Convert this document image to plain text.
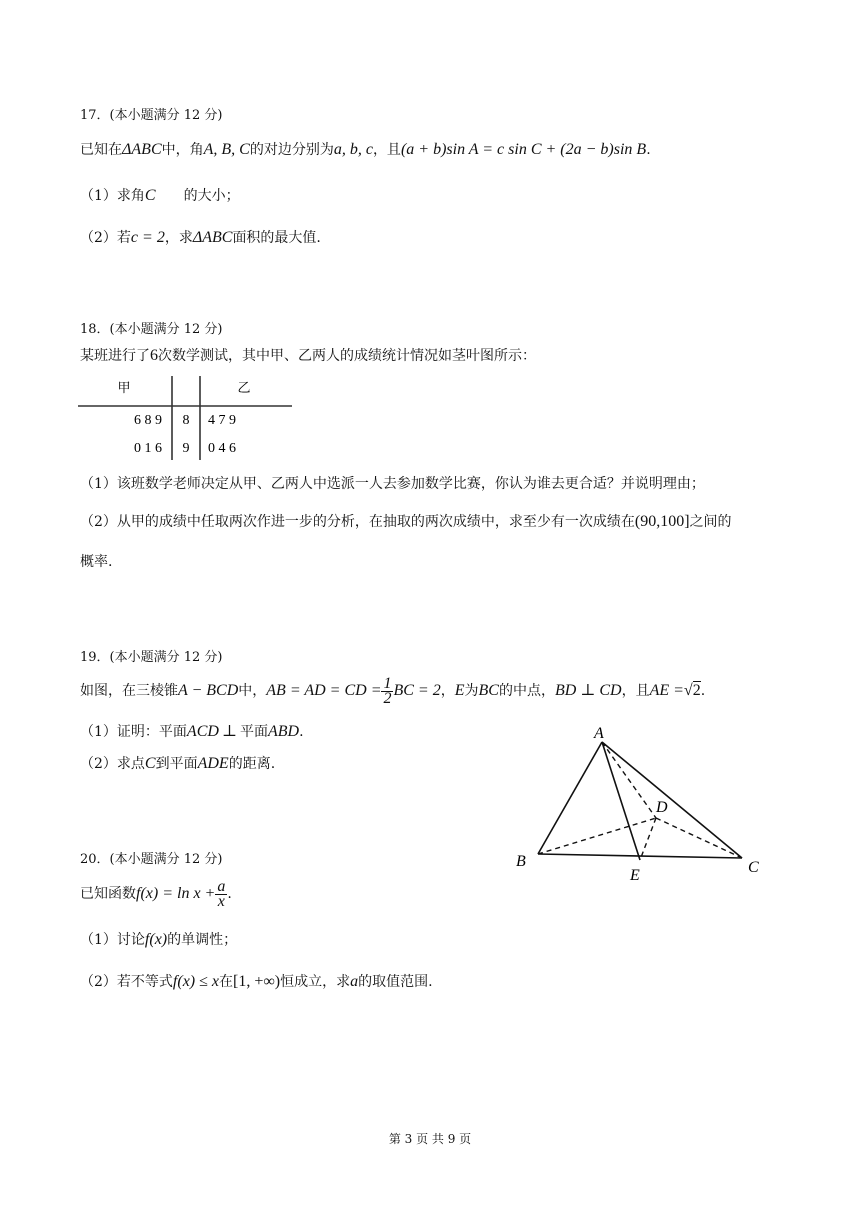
17．(本小题满分 12 分)
已知在ΔABC中，角A, B, C的对边分别为a, b, c，且(a + b)sin A = c sin C + (2a − b)sin B.
（1）求角C 的大小；
（2）若c = 2，求ΔABC面积的最大值.
18．(本小题满分 12 分)
某班进行了6次数学测试，其中甲、乙两人的成绩统计情况如茎叶图所示：
甲	乙
6 8 9 8 4 7 9
0 1 6 9 0 4 6
（1）该班数学老师决定从甲、乙两人中选派一人去参加数学比赛，你认为谁去更合适？并说明理由；
（2）从甲的成绩中任取两次作进一步的分析，在抽取的两次成绩中，求至少有一次成绩在(90,100]之间的
概率.
19．(本小题满分 12 分)
如图，在三棱锥A − BCD中，AB = AD = CD = $\frac{1}{2}$ BC = 2，E为BC的中点，BD ⊥ CD，且AE =√2.
（1）证明：平面ACD ⊥ 平面ABD.
（2）求点C到平面ADE的距离.
A
B	C
D
E
20．(本小题满分 12 分)
已知函数$f(x) = \ln x + \frac{a}{x}$ .
（1）讨论f(x)的单调性；
（2）若不等式f(x) ≤ x在[1, +∞)恒成立，求a的取值范围.
第 3 页 共 9 页
